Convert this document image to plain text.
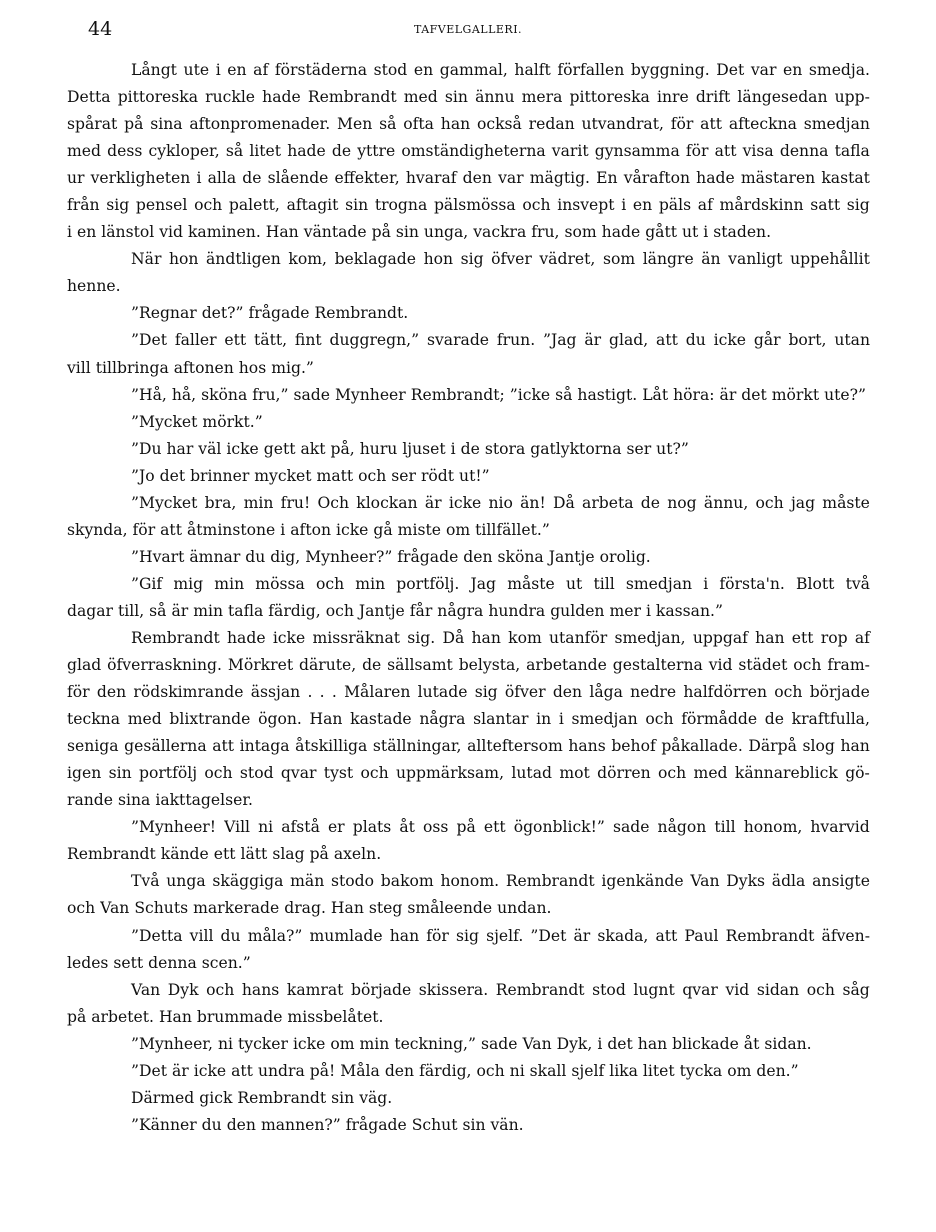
44	TAFVELGALLERI.
Långt ute i en af förstäderna stod en gammal, halft förfallen byggning. Det var en smedja.
Detta pittoreska ruckle hade Rembrandt med sin ännu mera pittoreska inre drift längesedan upp-
spårat på sina aftonpromenader. Men så ofta han också redan utvandrat, för att afteckna smedjan
med dess cykloper, så litet hade de yttre omständigheterna varit gynsamma för att visa denna tafla
ur verkligheten i alla de slående effekter, hvaraf den var mägtig. En vårafton hade mästaren kastat
från sig pensel och palett, aftagit sin trogna pälsmössa och insvept i en päls af mårdskinn satt sig
i en länstol vid kaminen. Han väntade på sin unga, vackra fru, som hade gått ut i staden.
När hon ändtligen kom, beklagade hon sig öfver vädret, som längre än vanligt uppehållit
henne.
”Regnar det?” frågade Rembrandt.
”Det faller ett tätt, fint duggregn,” svarade frun. ”Jag är glad, att du icke går bort, utan
vill tillbringa aftonen hos mig.”
”Hå, hå, sköna fru,” sade Mynheer Rembrandt; ”icke så hastigt. Låt höra: är det mörkt ute?”
”Mycket mörkt.”
”Du har väl icke gett akt på, huru ljuset i de stora gatlyktorna ser ut?”
”Jo det brinner mycket matt och ser rödt ut!”
”Mycket bra, min fru! Och klockan är icke nio än! Då arbeta de nog ännu, och jag måste
skynda, för att åtminstone i afton icke gå miste om tillfället.”
”Hvart ämnar du dig, Mynheer?” frågade den sköna Jantje orolig.
”Gif mig min mössa och min portfölj. Jag måste ut till smedjan i första'n. Blott två
dagar till, så är min tafla färdig, och Jantje får några hundra gulden mer i kassan.”
Rembrandt hade icke missräknat sig. Då han kom utanför smedjan, uppgaf han ett rop af
glad öfverraskning. Mörkret därute, de sällsamt belysta, arbetande gestalterna vid städet och fram-
för den rödskimrande ässjan . . . Målaren lutade sig öfver den låga nedre halfdörren och började
teckna med blixtrande ögon. Han kastade några slantar in i smedjan och förmådde de kraftfulla,
seniga gesällerna att intaga åtskilliga ställningar, allteftersom hans behof påkallade. Därpå slog han
igen sin portfölj och stod qvar tyst och uppmärksam, lutad mot dörren och med kännareblick gö-
rande sina iakttagelser.
”Mynheer! Vill ni afstå er plats åt oss på ett ögonblick!” sade någon till honom, hvarvid
Rembrandt kände ett lätt slag på axeln.
Två unga skäggiga män stodo bakom honom. Rembrandt igenkände Van Dyks ädla ansigte
och Van Schuts markerade drag. Han steg småleende undan.
”Detta vill du måla?” mumlade han för sig sjelf. ”Det är skada, att Paul Rembrandt äfven-
ledes sett denna scen.”
Van Dyk och hans kamrat började skissera. Rembrandt stod lugnt qvar vid sidan och såg
på arbetet. Han brummade missbelåtet.
”Mynheer, ni tycker icke om min teckning,” sade Van Dyk, i det han blickade åt sidan.
”Det är icke att undra på! Måla den färdig, och ni skall sjelf lika litet tycka om den.”
Därmed gick Rembrandt sin väg.
”Känner du den mannen?” frågade Schut sin vän.
